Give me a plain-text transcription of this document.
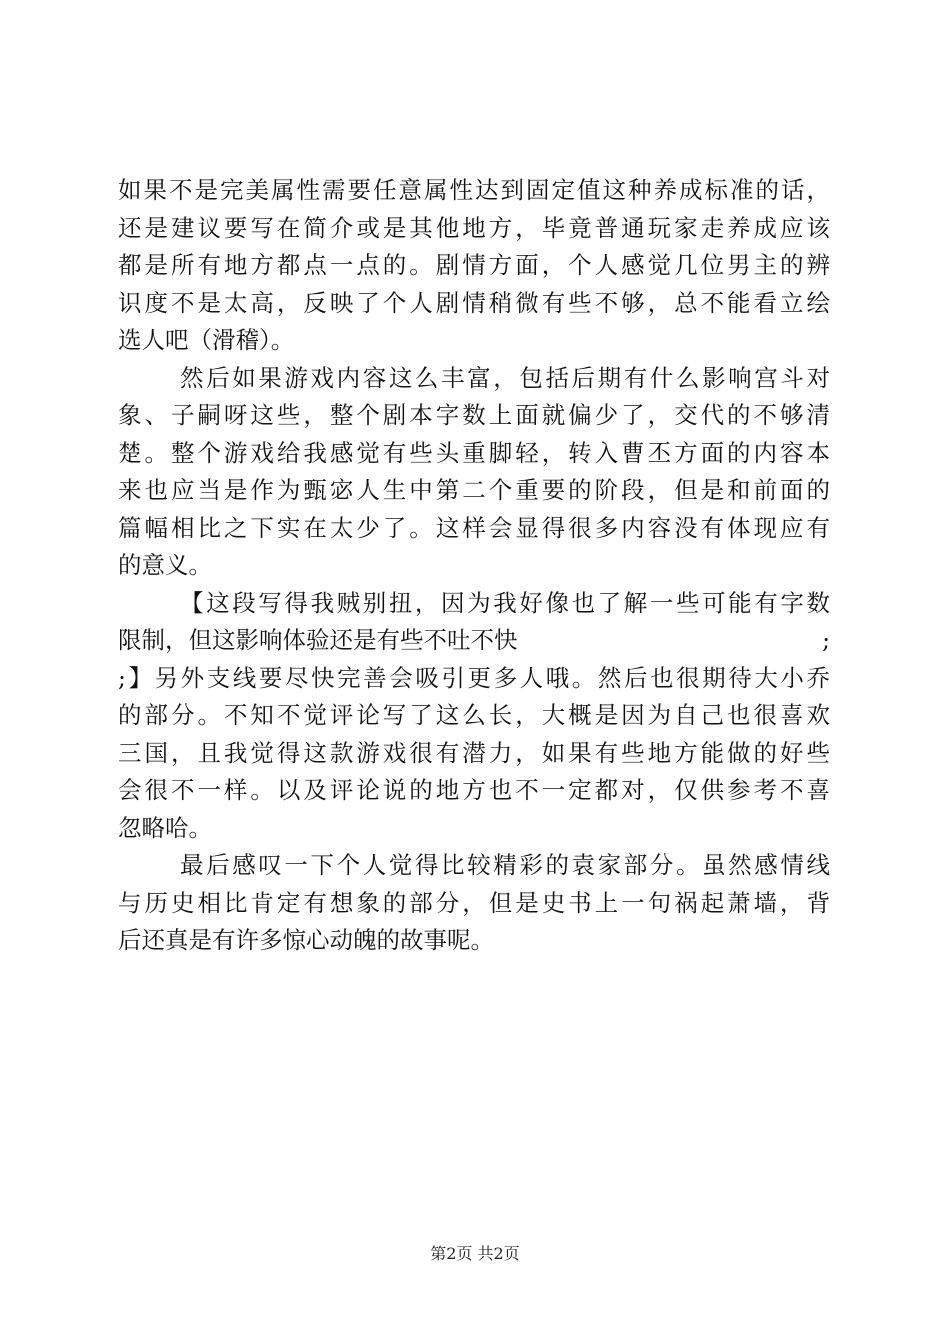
如果不是完美属性需要任意属性达到固定值这种养成标准的话，
还是建议要写在简介或是其他地方，毕竟普通玩家走养成应该
都是所有地方都点一点的。剧情方面，个人感觉几位男主的辨
识度不是太高，反映了个人剧情稍微有些不够，总不能看立绘
选人吧（滑稽）。
然后如果游戏内容这么丰富，包括后期有什么影响宫斗对
象、子嗣呀这些，整个剧本字数上面就偏少了，交代的不够清
楚。整个游戏给我感觉有些头重脚轻，转入曹丕方面的内容本
来也应当是作为甄宓人生中第二个重要的阶段，但是和前面的
篇幅相比之下实在太少了。这样会显得很多内容没有体现应有
的意义。
【这段写得我贼别扭，因为我好像也了解一些可能有字数
限制，但这影响体验还是有些不吐不快	;
;】另外支线要尽快完善会吸引更多人哦。然后也很期待大小乔
的部分。不知不觉评论写了这么长，大概是因为自己也很喜欢
三国，且我觉得这款游戏很有潜力，如果有些地方能做的好些
会很不一样。以及评论说的地方也不一定都对，仅供参考不喜
忽略哈。
最后感叹一下个人觉得比较精彩的袁家部分。虽然感情线
与历史相比肯定有想象的部分，但是史书上一句祸起萧墙，背
后还真是有许多惊心动魄的故事呢。
第2页 共2页
